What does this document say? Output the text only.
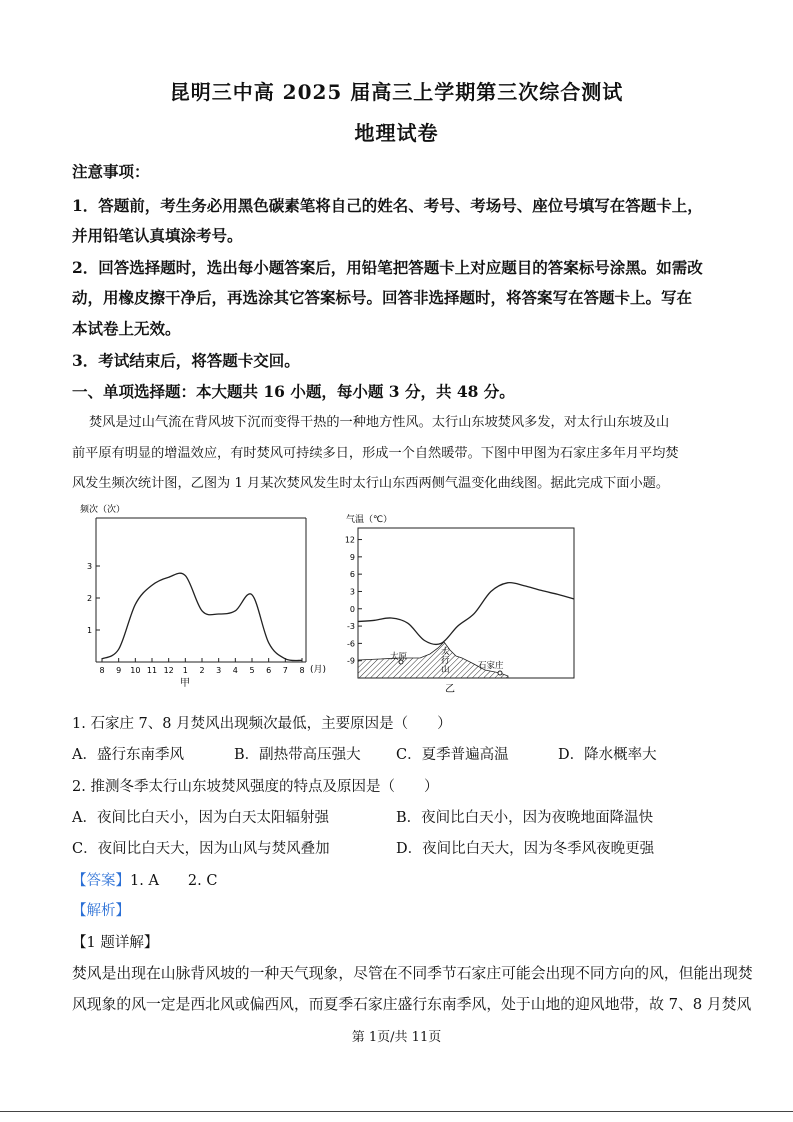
昆明三中高 2025 届高三上学期第三次综合测试
地理试卷
注意事项：
1．答题前，考生务必用黑色碳素笔将自己的姓名、考号、考场号、座位号填写在答题卡上，
并用铅笔认真填涂考号。
2．回答选择题时，选出每小题答案后，用铅笔把答题卡上对应题目的答案标号涂黑。如需改
动，用橡皮擦干净后，再选涂其它答案标号。回答非选择题时，将答案写在答题卡上。写在
本试卷上无效。
3．考试结束后，将答题卡交回。
一、单项选择题：本大题共 16 小题，每小题 3 分，共 48 分。
焚风是过山气流在背风坡下沉而变得干热的一种地方性风。太行山东坡焚风多发，对太行山东坡及山
前平原有明显的增温效应，有时焚风可持续多日，形成一个自然暖带。下图中甲图为石家庄多年月平均焚
风发生频次统计图，乙图为 1 月某次焚风发生时太行山东西两侧气温变化曲线图。据此完成下面小题。
频次（次）
1
2
3
8 9 10 11 12 1 2 3 4 5 6 7 8 (月)
甲
气温（℃）
12
9
6
3
0
-3
-6
-9	太原	太
行
山	石家庄
乙
1. 石家庄 7、8 月焚风出现频次最低，主要原因是（　　）
A．盛行东南季风	B．副热带高压强大 C．夏季普遍高温	D．降水概率大
2. 推测冬季太行山东坡焚风强度的特点及原因是（　　）
A．夜间比白天小，因为白天太阳辐射强	B．夜间比白天小，因为夜晚地面降温快
C．夜间比白天大，因为山风与焚风叠加	D．夜间比白天大，因为冬季风夜晚更强
【答案】1. A　　2. C
【解析】
【1 题详解】
焚风是出现在山脉背风坡的一种天气现象，尽管在不同季节石家庄可能会出现不同方向的风，但能出现焚
风现象的风一定是西北风或偏西风，而夏季石家庄盛行东南季风，处于山地的迎风地带，故 7、8 月焚风
第 1页/共 11页
